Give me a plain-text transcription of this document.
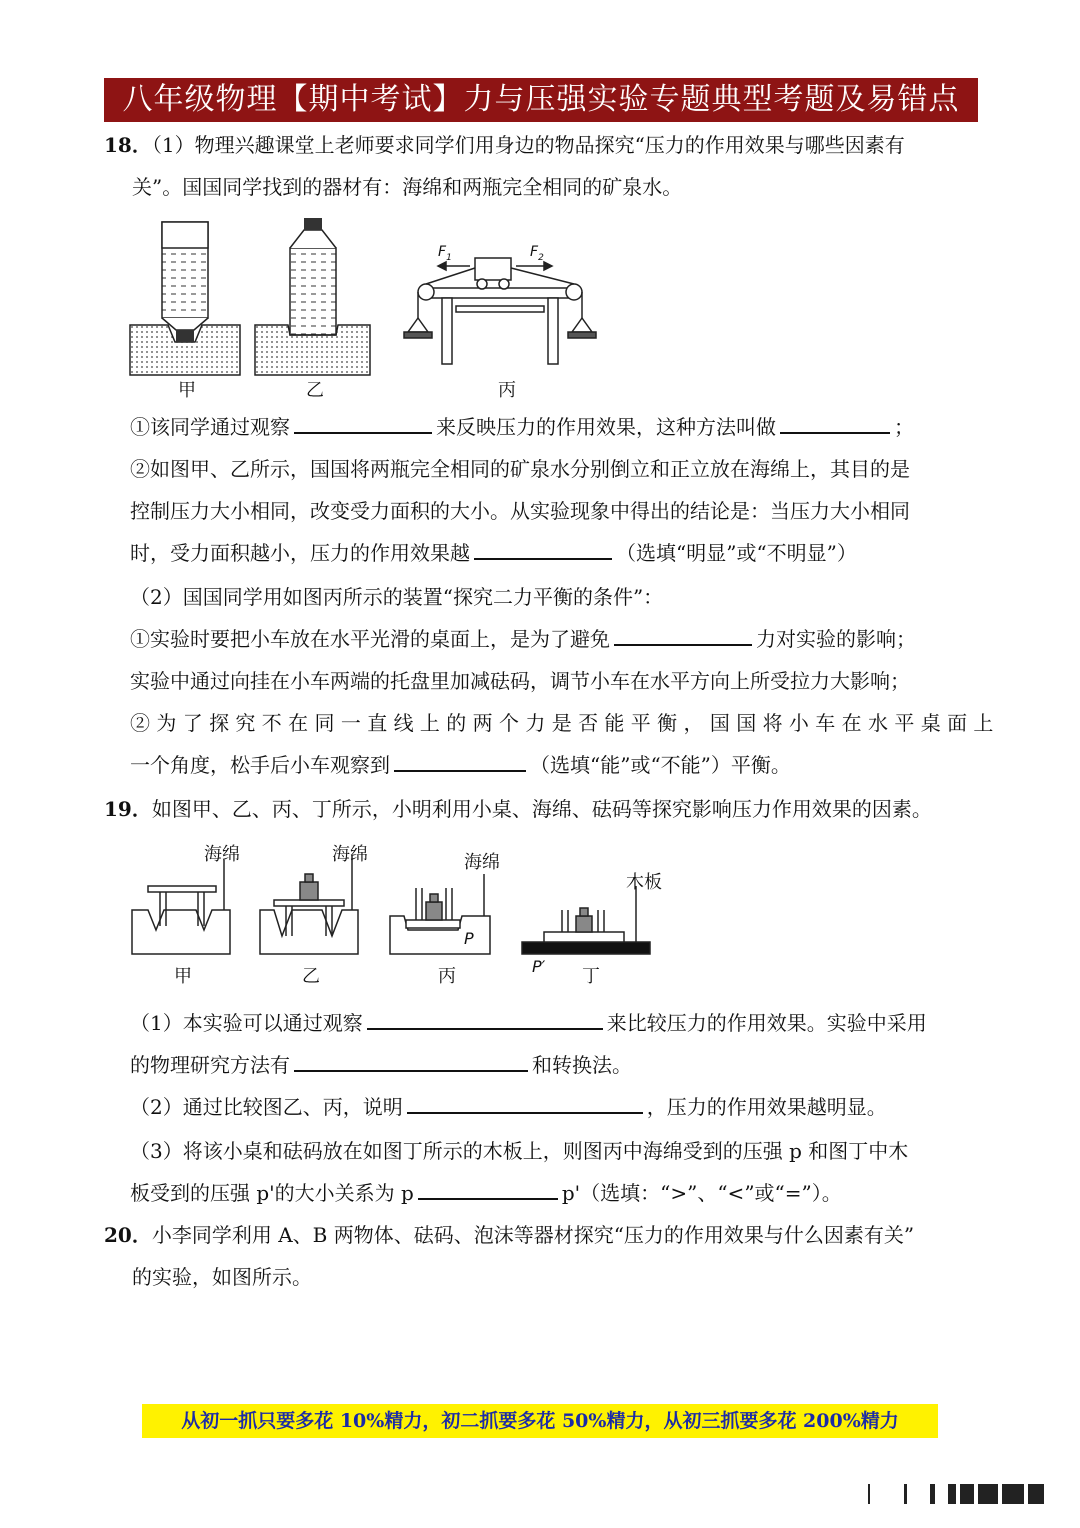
八年级物理【期中考试】力与压强实验专题典型考题及易错点
18．（1）物理兴趣课堂上老师要求同学们用身边的物品探究“压力的作用效果与哪些因素有
关”。国国同学找到的器材有：海绵和两瓶完全相同的矿泉水。
$F_1$	$F_2$
甲	乙	丙
①该同学通过观察	来反映压力的作用效果，这种方法叫做	；
②如图甲、乙所示，国国将两瓶完全相同的矿泉水分别倒立和正立放在海绵上，其目的是
控制压力大小相同，改变受力面积的大小。从实验现象中得出的结论是：当压力大小相同
时，受力面积越小，压力的作用效果越	（选填“明显”或“不明显”）
（2）国国同学用如图丙所示的装置“探究二力平衡的条件”：
①实验时要把小车放在水平光滑的桌面上，是为了避免	力对实验的影响；
实验中通过向挂在小车两端的托盘里加减砝码，调节小车在水平方向上所受拉力大影响；
② 为 了 探 究 不 在 同 一 直 线 上 的 两 个 力 是 否 能 平 衡 ， 国 国 将 小 车 在 水 平 桌 面 上
一个角度，松手后小车观察到	（选填“能”或“不能”）平衡。
19．如图甲、乙、丙、丁所示，小明利用小桌、海绵、砝码等探究影响压力作用效果的因素。
海绵	海绵	海绵
木板
P
P′
甲	乙	丙	丁
（1）本实验可以通过观察	来比较压力的作用效果。实验中采用
的物理研究方法有	和转换法。
（2）通过比较图乙、丙，说明	，压力的作用效果越明显。
（3）将该小桌和砝码放在如图丁所示的木板上，则图丙中海绵受到的压强 p 和图丁中木
板受到的压强 p'的大小关系为 p	p'（选填：“>”、“<”或“=”）。
20．小李同学利用 A、B 两物体、砝码、泡沫等器材探究“压力的作用效果与什么因素有关”
的实验，如图所示。
从初一抓只要多花 10%精力，初二抓要多花 50%精力，从初三抓要多花 200%精力
